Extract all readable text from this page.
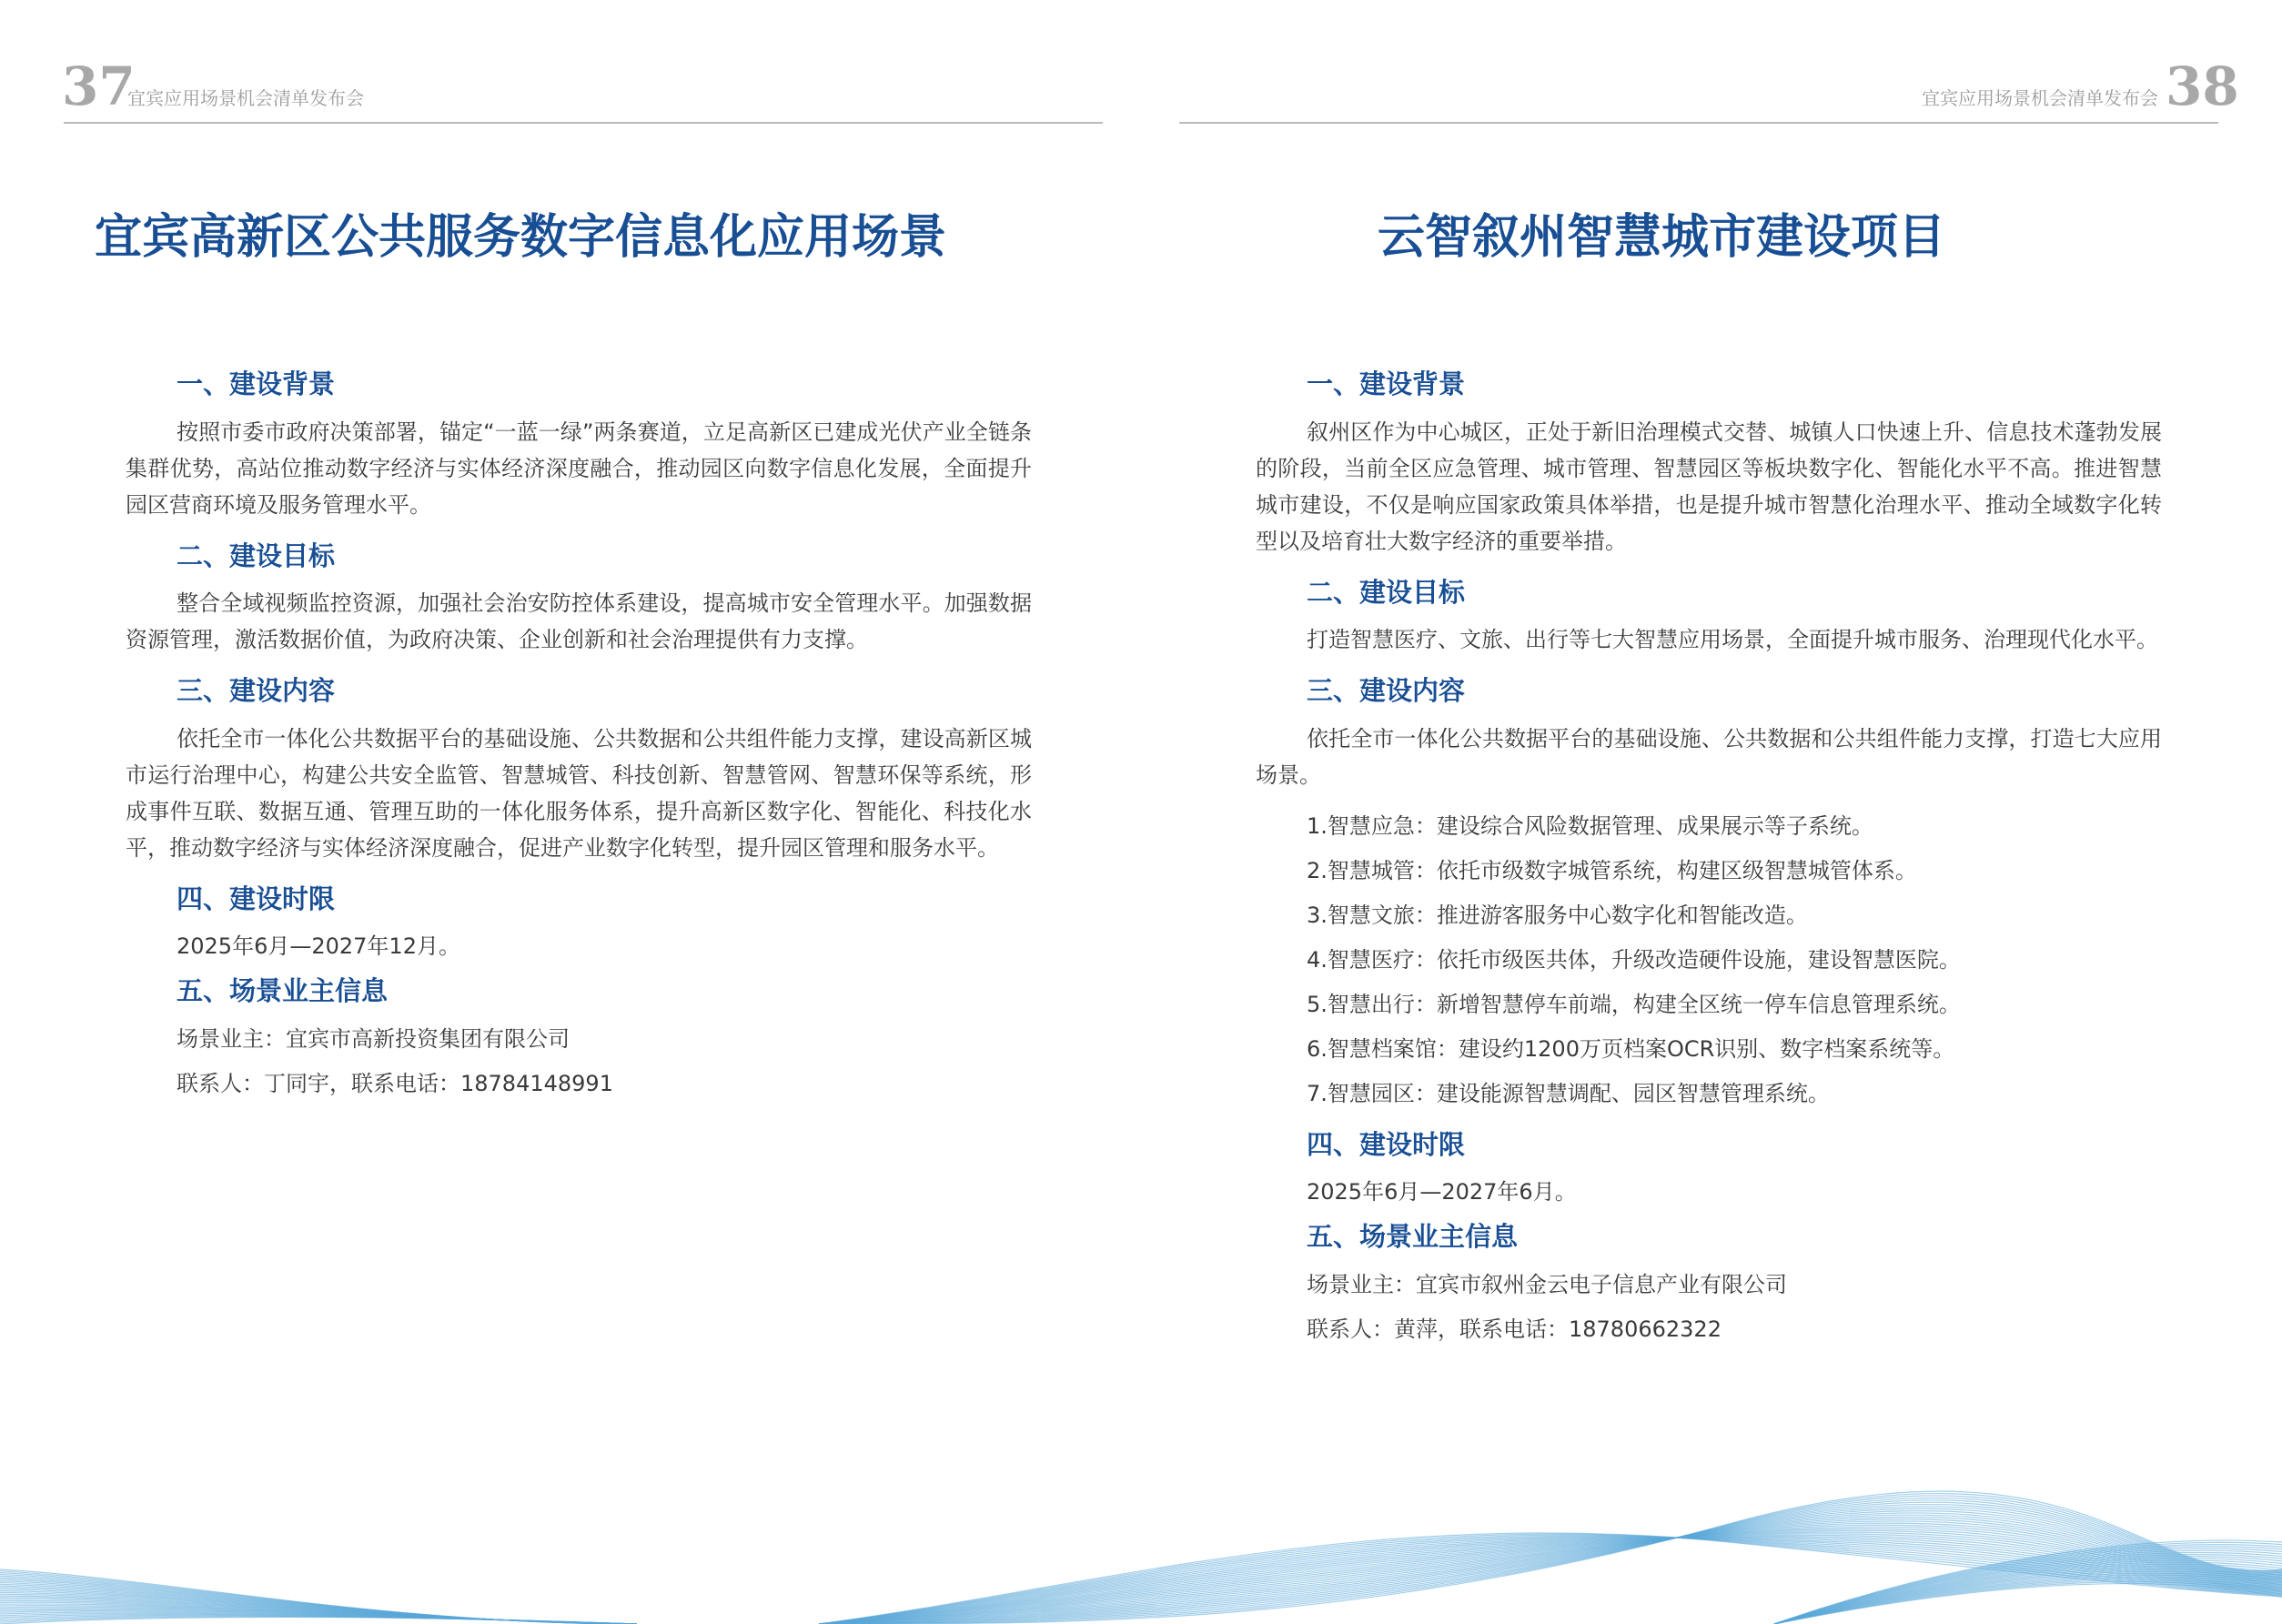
37
宜宾应用场景机会清单发布会
宜宾高新区公共服务数字信息化应用场景
一、建设背景

按照市委市政府决策部署，锚定“一蓝一绿”两条赛道，立足高新区已建成光伏产业全链条集群优势，高站位推动数字经济与实体经济深度融合，推动园区向数字信息化发展，全面提升园区营商环境及服务管理水平。

二、建设目标

整合全域视频监控资源，加强社会治安防控体系建设，提高城市安全管理水平。加强数据资源管理，激活数据价值，为政府决策、企业创新和社会治理提供有力支撑。

三、建设内容

依托全市一体化公共数据平台的基础设施、公共数据和公共组件能力支撑，建设高新区城市运行治理中心，构建公共安全监管、智慧城管、科技创新、智慧管网、智慧环保等系统，形成事件互联、数据互通、管理互助的一体化服务体系，提升高新区数字化、智能化、科技化水平，推动数字经济与实体经济深度融合，促进产业数字化转型，提升园区管理和服务水平。

四、建设时限

2025年6月—2027年12月。

五、场景业主信息

场景业主：宜宾市高新投资集团有限公司

联系人：丁同宇，联系电话：18784148991

宜宾应用场景机会清单发布会 38
云智叙州智慧城市建设项目
一、建设背景

叙州区作为中心城区，正处于新旧治理模式交替、城镇人口快速上升、信息技术蓬勃发展的阶段，当前全区应急管理、城市管理、智慧园区等板块数字化、智能化水平不高。推进智慧城市建设，不仅是响应国家政策具体举措，也是提升城市智慧化治理水平、推动全域数字化转型以及培育壮大数字经济的重要举措。

二、建设目标

打造智慧医疗、文旅、出行等七大智慧应用场景，全面提升城市服务、治理现代化水平。

三、建设内容

依托全市一体化公共数据平台的基础设施、公共数据和公共组件能力支撑，打造七大应用场景。

1.智慧应急：建设综合风险数据管理、成果展示等子系统。

2.智慧城管：依托市级数字城管系统，构建区级智慧城管体系。

3.智慧文旅：推进游客服务中心数字化和智能改造。

4.智慧医疗：依托市级医共体，升级改造硬件设施，建设智慧医院。

5.智慧出行：新增智慧停车前端，构建全区统一停车信息管理系统。

6.智慧档案馆：建设约1200万页档案OCR识别、数字档案系统等。

7.智慧园区：建设能源智慧调配、园区智慧管理系统。

四、建设时限

2025年6月—2027年6月。

五、场景业主信息

场景业主：宜宾市叙州金云电子信息产业有限公司

联系人：黄萍，联系电话：18780662322
